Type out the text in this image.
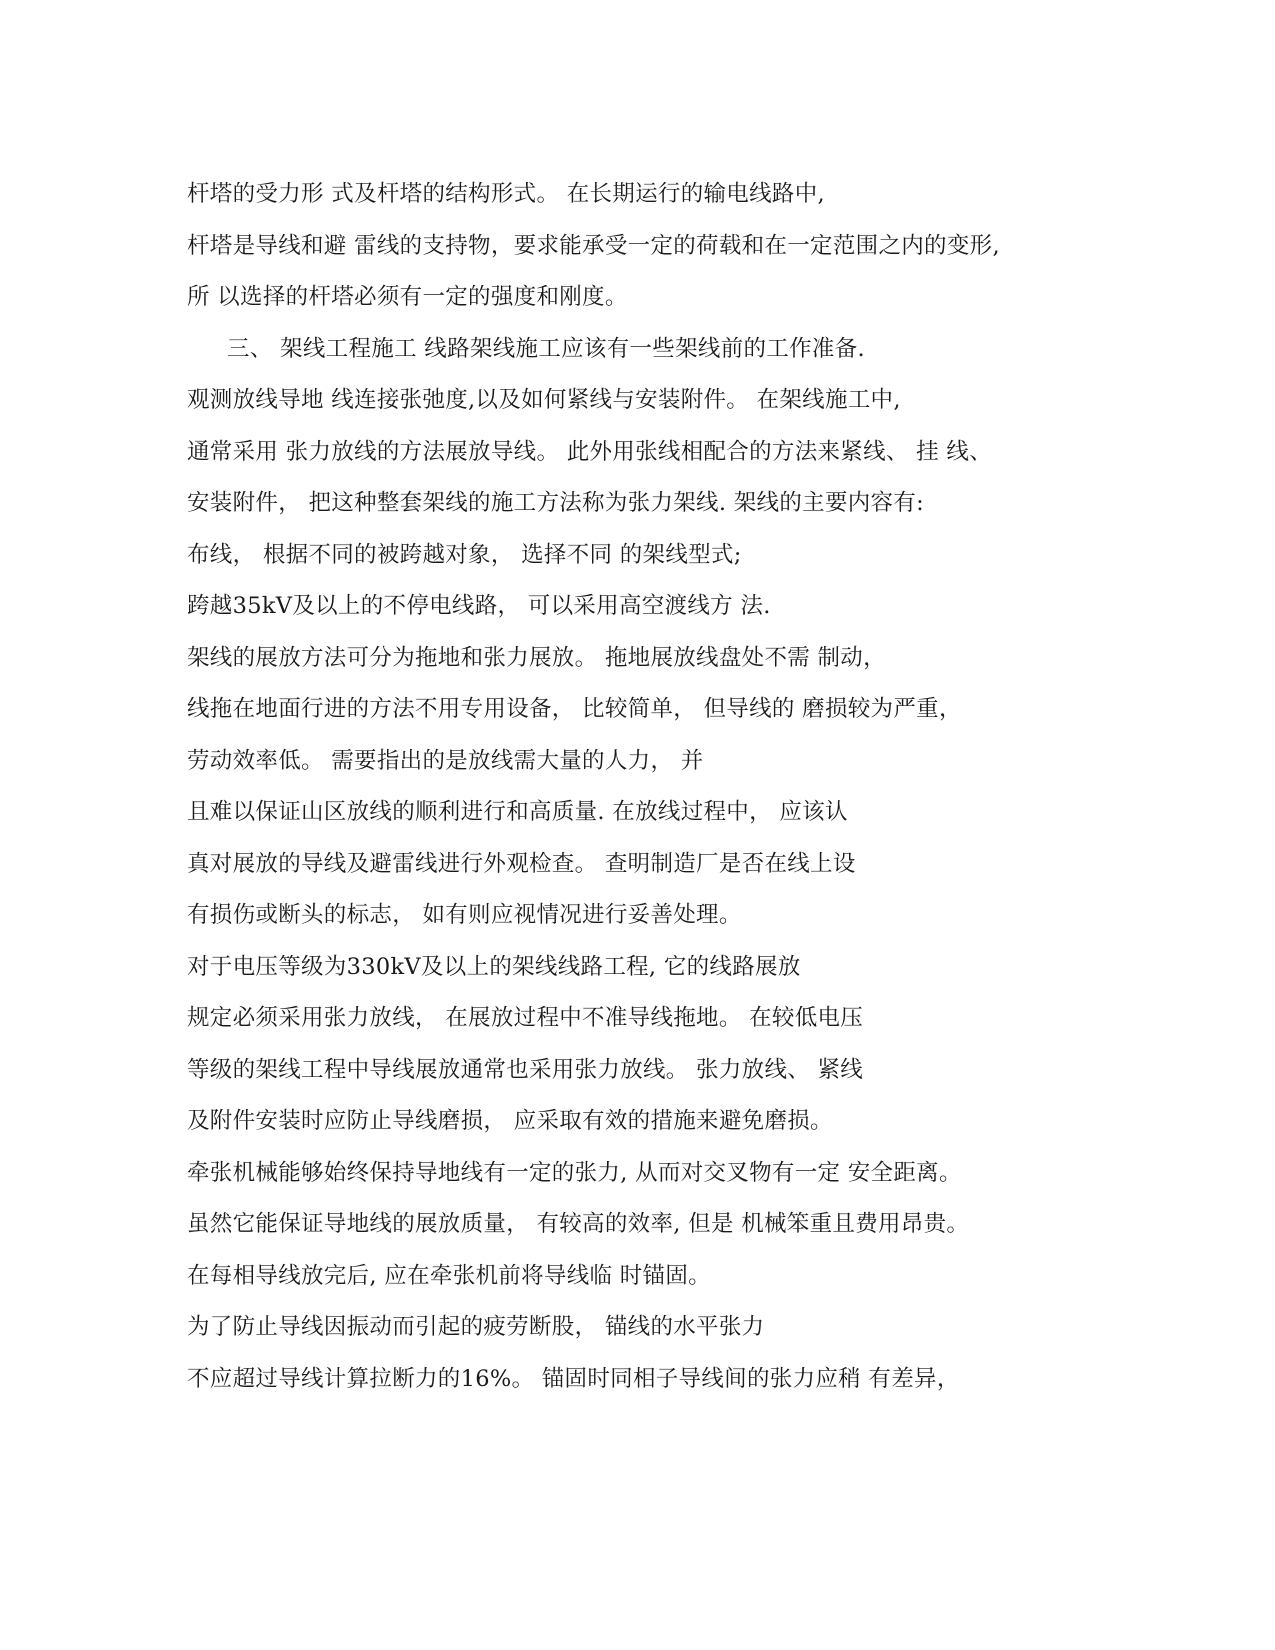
杆塔的受力形 式及杆塔的结构形式。 在长期运行的输电线路中,
杆塔是导线和避 雷线的支持物，要求能承受一定的荷载和在一定范围之内的变形,
所 以选择的杆塔必须有一定的强度和刚度。
三、 架线工程施工 线路架线施工应该有一些架线前的工作准备.
观测放线导地 线连接张弛度,以及如何紧线与安装附件。 在架线施工中,
通常采用 张力放线的方法展放导线。 此外用张线相配合的方法来紧线、 挂 线、
安装附件， 把这种整套架线的施工方法称为张力架线. 架线的主要内容有:
布线， 根据不同的被跨越对象， 选择不同 的架线型式;
跨越35kV及以上的不停电线路， 可以采用高空渡线方 法.
架线的展放方法可分为拖地和张力展放。 拖地展放线盘处不需 制动，
线拖在地面行进的方法不用专用设备， 比较简单， 但导线的 磨损较为严重，
劳动效率低。 需要指出的是放线需大量的人力， 并
且难以保证山区放线的顺利进行和高质量. 在放线过程中， 应该认
真对展放的导线及避雷线进行外观检查。 查明制造厂是否在线上设
有损伤或断头的标志， 如有则应视情况进行妥善处理。
对于电压等级为330kV及以上的架线线路工程, 它的线路展放
规定必须采用张力放线， 在展放过程中不准导线拖地。 在较低电压
等级的架线工程中导线展放通常也采用张力放线。 张力放线、 紧线
及附件安装时应防止导线磨损， 应采取有效的措施来避免磨损。
牵张机械能够始终保持导地线有一定的张力, 从而对交叉物有一定 安全距离。
虽然它能保证导地线的展放质量， 有较高的效率, 但是 机械笨重且费用昂贵。
在每相导线放完后, 应在牵张机前将导线临 时锚固。
为了防止导线因振动而引起的疲劳断股， 锚线的水平张力
不应超过导线计算拉断力的16%。 锚固时同相子导线间的张力应稍 有差异，
